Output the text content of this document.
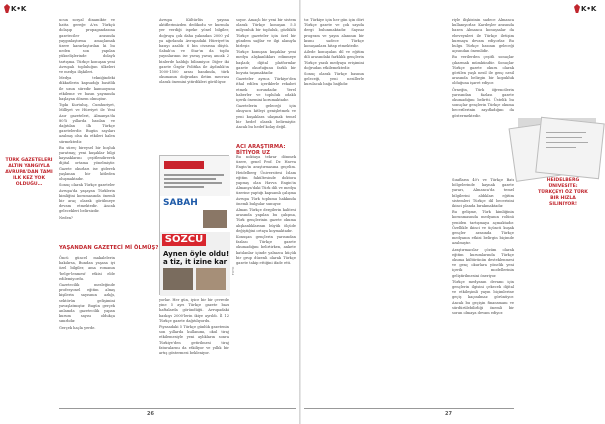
K•K	K•K

ucun sosyal dinamikte ve hatta gereğe A'ra Türkçü dolaşıp propagandasına gazeteciler arasında yaygınlaştırma amaçlamak üzere kararlaştırılan ki bu neden son yapılan yükselişlerinde dolaylı tartışma. Türkçe konuşan yeni Avrupalı topluluğun ülkeleri ve medya ilişkileri.

Medya tekniğindeki dikkatlerin kapsadığı basitlik ile uzun süredir kamuoyunu etkileme ve basın yayınında başlayan dönem olmuştur.

Tıpkı Kurtuluş, Cumhuriyet, Milliyet ve Hürriyet ile Yeni Asır gazeteleri, Almanya'da 80'li yıllarda basılan ve dağıtılan ilk Türkçe gazetelerdir. Bugün sayıları azalmış olsa da etkileri halen sürmektedir.

Bu süreç bireysel bir boşluk yaratmış; yeni kuşaklar bilgi kaynaklarını çeşitlendirerek dijital ortama yönelmiştir. Gazete okurları ise giderek yaşlanan bir kitleden oluşmaktadır.

Sonuç olarak Türkçe gazeteler Avrupa'da yaşayan Türklerin kimliğini korumasında önemli bir araç olarak görülmeye devam etmektedir. Ancak gelecekleri belirsizdir.

Neden?

TÜRK GAZETELERI ALTIN YANGIYLA AVRUPA'DAN TAMI ILK KEZ YOK OLDUĞU…
YAŞANDAN GAZETECİ Mİ ÖLMÜŞ?

Öncü güncel makalelerin bakılırsa, Bundan yaşasa iyi özel bilgiler, ama romanın 'belge-lenmesi' etkisi elde edilemiyordu.

Gazetecilik mesleğinde profesyonel eğitim almış kişilerin sayısının azlığı, sektörün gelişimini yavaşlatmıştır. Bugün gerçek anlamda gazetecilik yapan kurum sayısı oldukça sınırlıdır.

Gerçek haçla yerde.

Avrupa Kültürlüs yayına aktiflerimizden dedikodu ve kurnula yer verdiği ispeke yönel bilgiler, doğruya çok daha yakından 2000 yıl ya ağırlanda Avrupadaki Hürriyet'in basıyı azaldı: 6 bin civarına düştü. Sabah'ın ve Star'ın da toplu yayınlarının ise yavaş yavaş ancak 2 binlerde kaldığı bilinmiyor. Diğer iki gazete Özgür Politika ile Aydınlık'ın 1000-1500 arası bandında, türk okumanın doğrudan iletim mecrası olarak önemini yitirdikleri görülüyor.

SABAH
SÖZCÜ
Aynen öyle oldu!
a tiz, it izine kar
FOTO

yorlar. Her gün, iyice bir bir çevrede yine 5 ayrı Türkçe gazete bazı haftalarda göründüğü. Avrupadaki baskıyı 2000'lerin ikiye ayrıldı. İl 12 Türkçe gazete dağıtılıyordu.

Piyasadaki 5 Türkçe günlük gazetenin son yıllarda kullanımı, okul tiraj etkilemesiyle yeni aylıkların sonra Türkiye'den getirilmesi tiraj faturalarını da etkiliyor ve yıllık bir artış göstermesi bekleniyor.

soyor. Amaçlı bir yeni bir sistem olarak Türkçe konuşan 5.5 milyonluk bir topluluk, gözlüklü Türkçe gazeteler için özel bir gündem sağlar ve ilgi alanıyla birleşir.

Türkçe konuşan kuşaklar yeni medya alışkanlıkları edinmeye başladı; dijital platformlar gazete okurluğunu farklı bir boyuta taşımaktadır.

Gazeteler ayrıca Türkiye'den ithal edilen içeriklerle rekabet etmek zorundadır. Yerel haberler ve topluluk odaklı içerik önemini korumaktadır.

Gazetelerin geleceği için okuyucu kitleyi genişletmek ve yeni kuşaklara ulaşmak temel bir hedef olarak belirmiştir. Ancak bu hedef kolay değil.

ACI ARAŞTIRMA: BİTİYOR UZ

Bu noktaya tekrar dönmek üzere, genel Prof. Dr. Havva Engin'in araştırmasına geçelim. Heidelberg Üniversitesi İslam eğitim fakültesinde doktora yapmış olan Havva Engin'in Almanya'daki Türk dili ve medya üzerine yaptığı kapsamlı çalışma Avrupa Türk toplumu hakkında önemli bulgular sunuyor.

Alman Türkçe dergilerin kalitesi arasında yapılan bu çalışma, Türk gençlerinin gazete okuma alışkanlıklarının büyük ölçüde değiştiğini ortaya koymaktadır.

Konuşan gençlerin yarısından fazlası Türkçe gazete okumadığını belirtirken, ankete katılanlar içinde yalnızca küçük bir grup düzenli olarak Türkçe gazete takip ettiğini ifade etti.

26

tır. Türkiye için her gün için dört Türkçe gazete ve çok sayıda dergi bulunmaktadır. Sayısız program ve yayın alanının bir kısmı sadece Türkçe konuşanlara hitap etmektedir.

Ailede konuşulan dil ve eğitim dili arasındaki farklılık gençlerin Türkçe yazılı medyaya erişimini doğrudan etkilemektedir.

Sonuç olarak Türkçe basının geleceği, yeni nesillerle kurulacak bağa bağlıdır.

riyle ilişkisinin sadece Almanca kullanıyorlar. Kardeşler arasında bazen Almanca konuşsalar da ebeveynleri ile Türkçe iletişim kurmaya devam ediyorlar. Bu bulgu Türkçe basının geleceği açısından önemlidir.

Bu verilerden çeşitli sonuçlar çıkarmak mümkündür. Sonuçlar Türkçe gazete okuru olarak görülen yaşlı nesil ile genç nesil arasında belirgin bir kopukluk olduğuna işaret ediyor.

Örneğin, Türk öğrencilerin yarısından fazlası gazete okumadığını belirtti. Üstelik bu sonuçlar gençlerin Türkçe okuma becerilerinin zayıfladığını da göstermektedir.

Sınıfların 40'ı ve Türkçe Batı bölgelerinde kaynak gazete yararı, Almanca'da temel bilgilerini aldıkları eğitim sistemleri Türkçe dil becerisini ikinci planda bırakmaktadır.

Bu gelişme, Türk kimliğinin korunmasında medyanın rolünü yeniden tartışmaya açmaktadır. Özellikle ikinci ve üçüncü kuşak gençler arasında Türkçe medyanın etkisi belirgin biçimde azalmıştır.

Araştırmacılar çözüm olarak eğitim kurumlarında Türkçe okuma kültürünün desteklenmesi ve genç okurlara yönelik yeni içerik modellerinin geliştirilmesini öneriyor.

Türkçe medyanın devamı için gençlerin ilgisini çekecek dijital ve etkileşimli yayın biçimlerine geçiş kaçınılmaz görünüyor. Ancak bu geçişin finansmanı ve sürdürülebilirliği önemli bir sorun olmaya devam ediyor.

HEIDELBERG ÜNIVESITE: TÜRKÇEYI ÖZ TÜRK BIR HIZLA SILINIYOR!
27
